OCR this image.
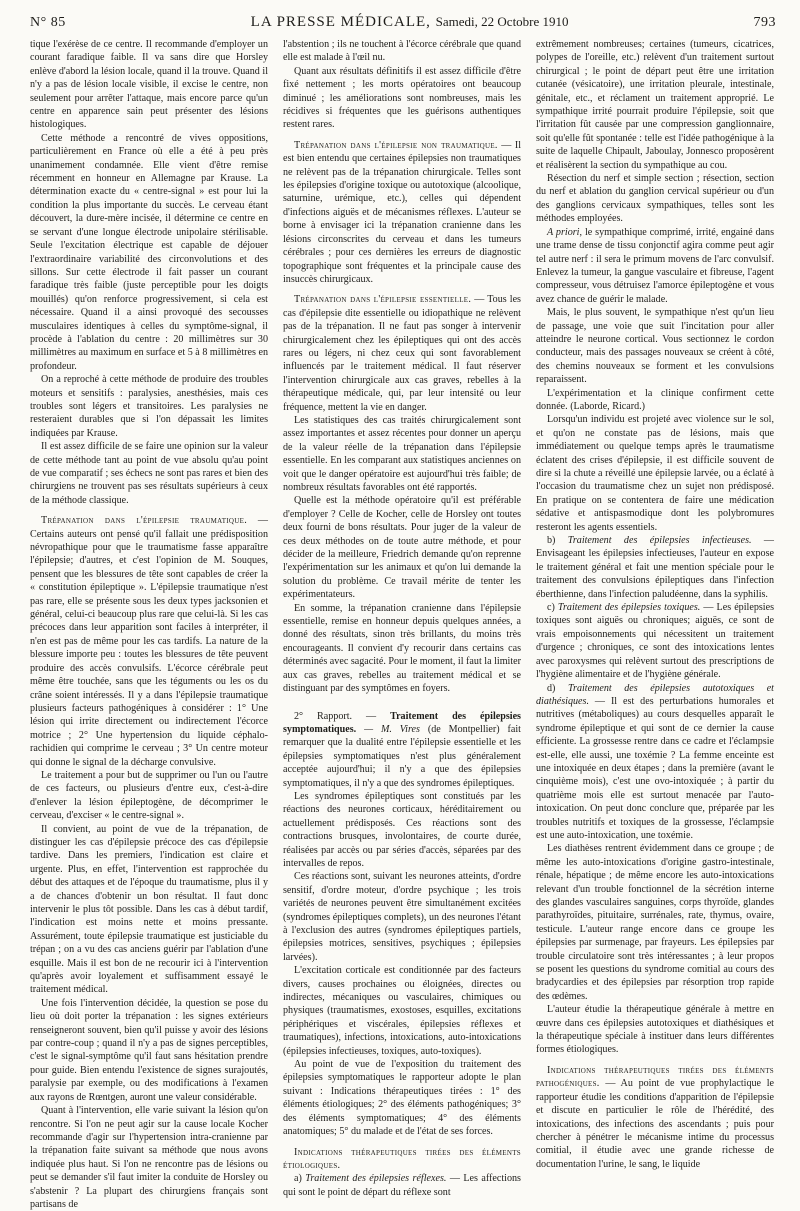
N° 85	LA PRESSE MÉDICALE, Samedi, 22 Octobre 1910	793

tique l'exérèse de ce centre. Il recommande d'employer un courant faradique faible. Il va sans dire que Horsley enlève d'abord la lésion locale, quand il la trouve. Quand il n'y a pas de lésion locale visible, il excise le centre, non seulement pour arrêter l'attaque, mais encore parce qu'un centre en apparence sain peut présenter des lésions histologiques.

Cette méthode a rencontré de vives oppositions, particulièrement en France où elle a été à peu près unanimement condamnée. Elle vient d'être remise récemment en honneur en Allemagne par Krause. La détermination exacte du « centre-signal » est pour lui la condition la plus importante du succès. Le cerveau étant découvert, la dure-mère incisée, il détermine ce centre en se servant d'une longue électrode unipolaire stérilisable. Seule l'excitation électrique est capable de déjouer l'extraordinaire variabilité des circonvolutions et des sillons. Sur cette électrode il fait passer un courant faradique très faible (juste perceptible pour les doigts mouillés) qu'on renforce progressivement, si cela est nécessaire. Quand il a ainsi provoqué des secousses musculaires identiques à celles du symptôme-signal, il procède à l'ablation du centre : 20 millimètres sur 30 millimètres au maximum en surface et 5 à 8 millimètres en profondeur.

On a reproché à cette méthode de produire des troubles moteurs et sensitifs : paralysies, anesthésies, mais ces troubles sont légers et transitoires. Les paralysies ne resteraient durables que si l'on dépassait les limites indiquées par Krause.

Il est assez difficile de se faire une opinion sur la valeur de cette méthode tant au point de vue absolu qu'au point de vue comparatif ; ses échecs ne sont pas rares et bien des chirurgiens ne trouvent pas ses résultats supérieurs à ceux de la méthode classique.

Trépanation dans l'épilepsie traumatique. — Certains auteurs ont pensé qu'il fallait une prédisposition névropathique pour que le traumatisme fasse apparaître l'épilepsie; d'autres, et c'est l'opinion de M. Souques, pensent que les blessures de tête sont capables de créer la « constitution épileptique ». L'épilepsie traumatique n'est pas rare, elle se présente sous les deux types jacksonien et général, celui-ci beaucoup plus rare que celui-là. Si les cas précoces dans leur apparition sont faciles à interpréter, il n'en est pas de même pour les cas tardifs. La nature de la blessure importe peu : toutes les blessures de tête peuvent produire des accès convulsifs. L'écorce cérébrale peut même être touchée, sans que les téguments ou les os du crâne soient intéressés. Il y a dans l'épilepsie traumatique plusieurs facteurs pathogéniques à considérer : 1° Une lésion qui irrite directement ou indirectement l'écorce motrice ; 2° Une hypertension du liquide céphalo-rachidien qui comprime le cerveau ; 3° Un centre moteur qui donne le signal de la décharge convulsive.

Le traitement a pour but de supprimer ou l'un ou l'autre de ces facteurs, ou plusieurs d'entre eux, c'est-à-dire d'enlever la lésion épileptogène, de décomprimer le cerveau, d'exciser « le centre-signal ».

Il convient, au point de vue de la trépanation, de distinguer les cas d'épilepsie précoce des cas d'épilepsie tardive. Dans les premiers, l'indication est claire et urgente. Plus, en effet, l'intervention est rapprochée du début des attaques et de l'époque du traumatisme, plus il y a de chances d'obtenir un bon résultat. Il faut donc intervenir le plus tôt possible. Dans les cas à début tardif, l'indication est moins nette et moins pressante. Assurément, toute épilepsie traumatique est justiciable du trépan ; on a vu des cas anciens guérir par l'ablation d'une esquille. Mais il est bon de ne recourir ici à l'intervention qu'après avoir loyalement et suffisamment essayé le traitement médical.

Une fois l'intervention décidée, la question se pose du lieu où doit porter la trépanation : les signes extérieurs renseigneront souvent, bien qu'il puisse y avoir des lésions par contre-coup ; quand il n'y a pas de signes perceptibles, c'est le signal-symptôme qu'il faut sans hésitation prendre pour guide. Bien entendu l'existence de signes surajoutés, paralysie par exemple, ou des modifications à l'examen aux rayons de Rœntgen, auront une valeur considérable.

Quant à l'intervention, elle varie suivant la lésion qu'on rencontre. Si l'on ne peut agir sur la cause locale Kocher recommande d'agir sur l'hypertension intra-cranienne par la trépanation faite suivant sa méthode que nous avons indiquée plus haut. Si l'on ne rencontre pas de lésions ou peut se demander s'il faut imiter la conduite de Horsley ou s'abstenir ? La plupart des chirurgiens français sont partisans de

l'abstention ; ils ne touchent à l'écorce cérébrale que quand elle est malade à l'œil nu.

Quant aux résultats définitifs il est assez difficile d'être fixé nettement ; les morts opératoires ont beaucoup diminué ; les améliorations sont nombreuses, mais les récidives si fréquentes que les guérisons authentiques restent rares.

Trépanation dans l'épilepsie non traumatique. — Il est bien entendu que certaines épilepsies non traumatiques ne relèvent pas de la trépanation chirurgicale. Telles sont les épilepsies d'origine toxique ou autotoxique (alcoolique, saturnine, urémique, etc.), celles qui dépendent d'infections aiguës et de mécanismes réflexes. L'auteur se borne à envisager ici la trépanation cranienne dans les lésions circonscrites du cerveau et dans les tumeurs cérébrales ; pour ces dernières les erreurs de diagnostic topographique sont fréquentes et la principale cause des insuccès chirurgicaux.

Trépanation dans l'épilepsie essentielle. — Tous les cas d'épilepsie dite essentielle ou idiopathique ne relèvent pas de la trépanation. Il ne faut pas songer à intervenir chirurgicalement chez les épileptiques qui ont des accès rares ou légers, ni chez ceux qui sont favorablement influencés par le traitement médical. Il faut réserver l'intervention chirurgicale aux cas graves, rebelles à la thérapeutique médicale, qui, par leur intensité ou leur fréquence, mettent la vie en danger.

Les statistiques des cas traités chirurgicalement sont assez importantes et assez récentes pour donner un aperçu de la valeur réelle de la trépanation dans l'épilepsie essentielle. En les comparant aux statistiques anciennes on voit que le danger opératoire est aujourd'hui très faible; de nombreux résultats favorables ont été rapportés.

Quelle est la méthode opératoire qu'il est préférable d'employer ? Celle de Kocher, celle de Horsley ont toutes deux fourni de bons résultats. Pour juger de la valeur de ces deux méthodes on de toute autre méthode, et pour décider de la meilleure, Friedrich demande qu'on reprenne l'expérimentation sur les animaux et qu'on lui demande la solution du problème. Ce travail mérite de tenter les expérimentateurs.

En somme, la trépanation cranienne dans l'épilepsie essentielle, remise en honneur depuis quelques années, a donné des résultats, sinon très brillants, du moins très encourageants. Il convient d'y recourir dans certains cas déterminés avec sagacité. Pour le moment, il faut la limiter aux cas graves, rebelles au traitement médical et se distinguant par des symptômes en foyers.

2° Rapport. — Traitement des épilepsies symptomatiques. — M. Vires (de Montpellier) fait remarquer que la dualité entre l'épilepsie essentielle et les épilepsies symptomatiques n'est plus généralement acceptée aujourd'hui; il n'y a que des épilepsies symptomatiques, il n'y a que des syndromes épileptiques.

Les syndromes épileptiques sont constitués par les réactions des neurones corticaux, héréditairement ou actuellement prédisposés. Ces réactions sont des contractions brusques, involontaires, de courte durée, réalisées par accès ou par séries d'accès, séparées par des intervalles de repos.

Ces réactions sont, suivant les neurones atteints, d'ordre sensitif, d'ordre moteur, d'ordre psychique ; les trois variétés de neurones peuvent être simultanément excitées (syndromes épileptiques complets), un des neurones l'étant à l'exclusion des autres (syndromes épileptiques partiels, épilepsies motrices, sensitives, psychiques ; épilepsies larvées).

L'excitation corticale est conditionnée par des facteurs divers, causes prochaines ou éloignées, directes ou indirectes, mécaniques ou vasculaires, chimiques ou physiques (traumatismes, exostoses, esquilles, excitations périphériques et viscérales, épilepsies réflexes et traumatiques), infections, intoxications, auto-intoxications (épilepsies infectieuses, toxiques, auto-toxiques).

Au point de vue de l'exposition du traitement des épilepsies symptomatiques le rapporteur adopte le plan suivant : Indications thérapeutiques tirées : 1° des éléments étiologiques; 2° des éléments pathogéniques; 3° des éléments symptomatiques; 4° des éléments anatomiques; 5° du malade et de l'état de ses forces.

Indications thérapeutiques tirées des éléments étiologiques.

a) Traitement des épilepsies réflexes. — Les affections qui sont le point de départ du réflexe sont

extrêmement nombreuses; certaines (tumeurs, cicatrices, polypes de l'oreille, etc.) relèvent d'un traitement surtout chirurgical ; le point de départ peut être une irritation cutanée (vésicatoire), une irritation pleurale, intestinale, génitale, etc., et réclament un traitement approprié. Le sympathique irrité pourrait produire l'épilepsie, soit que l'irritation fût causée par une compression ganglionnaire, soit qu'elle fût spontanée : telle est l'idée pathogénique à la suite de laquelle Chipault, Jaboulay, Jonnesco proposèrent et réalisèrent la section du sympathique au cou.

Résection du nerf et simple section ; résection, section du nerf et ablation du ganglion cervical supérieur ou d'un des ganglions cervicaux sympathiques, telles sont les méthodes employées.

A priori, le sympathique comprimé, irrité, engainé dans une trame dense de tissu conjonctif agira comme peut agir tel autre nerf : il sera le primum movens de l'arc convulsif. Enlevez la tumeur, la gangue vasculaire et fibreuse, l'agent compresseur, vous détruisez l'amorce épileptogène et vous avez chance de guérir le malade.

Mais, le plus souvent, le sympathique n'est qu'un lieu de passage, une voie que suit l'incitation pour aller atteindre le neurone cortical. Vous sectionnez le cordon conducteur, mais des passages nouveaux se créent à côté, des chemins nouveaux se forment et les convulsions reparaissent.

L'expérimentation et la clinique confirment cette donnée. (Laborde, Ricard.)

Lorsqu'un individu est projeté avec violence sur le sol, et qu'on ne constate pas de lésions, mais que immédiatement ou quelque temps après le traumatisme éclatent des crises d'épilepsie, il est difficile souvent de dire si la chute a réveillé une épilepsie larvée, ou a éclaté à l'occasion du traumatisme chez un sujet non prédisposé. En pratique on se contentera de faire une médication sédative et antispasmodique dont les polybromures resteront les agents essentiels.

b) Traitement des épilepsies infectieuses. — Envisageant les épilepsies infectieuses, l'auteur en expose le traitement général et fait une mention spéciale pour le traitement des convulsions épileptiques dans l'infection éberthienne, dans l'infection paludéenne, dans la syphilis.

c) Traitement des épilepsies toxiques. — Les épilepsies toxiques sont aiguës ou chroniques; aiguës, ce sont de vrais empoisonnements qui nécessitent un traitement d'urgence ; chroniques, ce sont des intoxications lentes avec paroxysmes qui relèvent surtout des prescriptions de l'hygiène alimentaire et de l'hygiène générale.

d) Traitement des épilepsies autotoxiques et diathésiques. — Il est des perturbations humorales et nutritives (métaboliques) au cours desquelles apparaît le syndrome épileptique et qui sont de ce dernier la cause efficiente. La grossesse rentre dans ce cadre et l'éclampsie est-elle, elle aussi, une toxémie ? La femme enceinte est une intoxiquée en deux étapes ; dans la première (avant le cinquième mois), c'est une ovo-intoxiquée ; à partir du quatrième mois elle est surtout menacée par l'auto-intoxication. On peut donc conclure que, préparée par les troubles nutritifs et toxiques de la grossesse, l'éclampsie est une auto-intoxication, une toxémie.

Les diathèses rentrent évidemment dans ce groupe ; de même les auto-intoxications d'origine gastro-intestinale, rénale, hépatique ; de même encore les auto-intoxications relevant d'un trouble fonctionnel de la sécrétion interne des glandes vasculaires sanguines, corps thyroïde, glandes parathyroïdes, pituitaire, surrénales, rate, thymus, ovaire, testicule. L'auteur range encore dans ce groupe les épilepsies par surmenage, par frayeurs. Les épilepsies par trouble circulatoire sont très intéressantes ; à leur propos se posent les questions du syndrome comitial au cours des bradycardies et des épilepsies par résorption trop rapide des œdèmes.

L'auteur étudie la thérapeutique générale à mettre en œuvre dans ces épilepsies autotoxiques et diathésiques et la thérapeutique spéciale à instituer dans leurs différentes formes étiologiques.

Indications thérapeutiques tirées des éléments pathogéniques. — Au point de vue prophylactique le rapporteur étudie les conditions d'apparition de l'épilepsie et discute en particulier le rôle de l'hérédité, des intoxications, des infections des ascendants ; puis pour chercher à pénétrer le mécanisme intime du processus comitial, il étudie avec une grande richesse de documentation l'urine, le sang, le liquide
